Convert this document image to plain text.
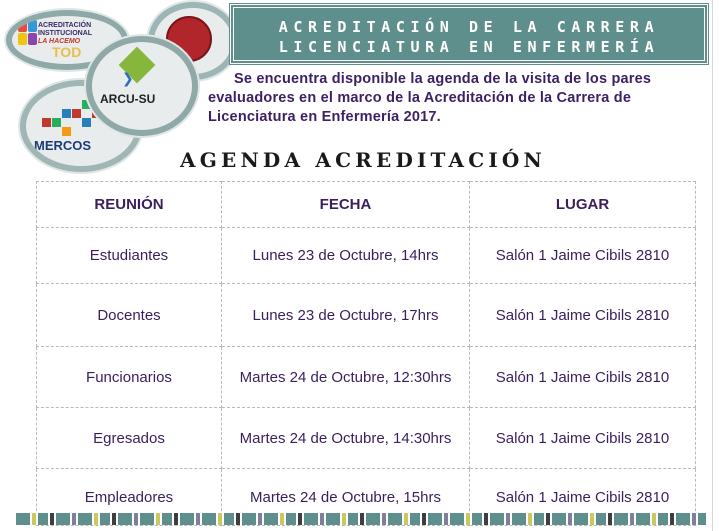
ACREDITACIÓN
INSTITUCIONAL
LA HACEMO
TOD
MERCOS
❯
ARCU-SU
ACREDITACIÓN DE LA CARRERA
LICENCIATURA EN ENFERMERÍA

Se encuentra disponible la agenda de la visita de los pares evaluadores en el marco de la Acreditación de la Carrera de Licenciatura en Enfermería 2017.

AGENDA ACREDITACIÓN
REUNIÓN	FECHA	LUGAR
Estudiantes	Lunes 23 de Octubre, 14hrs	Salón 1 Jaime Cibils 2810
Docentes	Lunes 23 de Octubre, 17hrs	Salón 1 Jaime Cibils 2810
Funcionarios	Martes 24 de Octubre, 12:30hrs	Salón 1 Jaime Cibils 2810
Egresados	Martes 24 de Octubre, 14:30hrs	Salón 1 Jaime Cibils 2810
Empleadores	Martes 24 de Octubre, 15hrs	Salón 1 Jaime Cibils 2810
